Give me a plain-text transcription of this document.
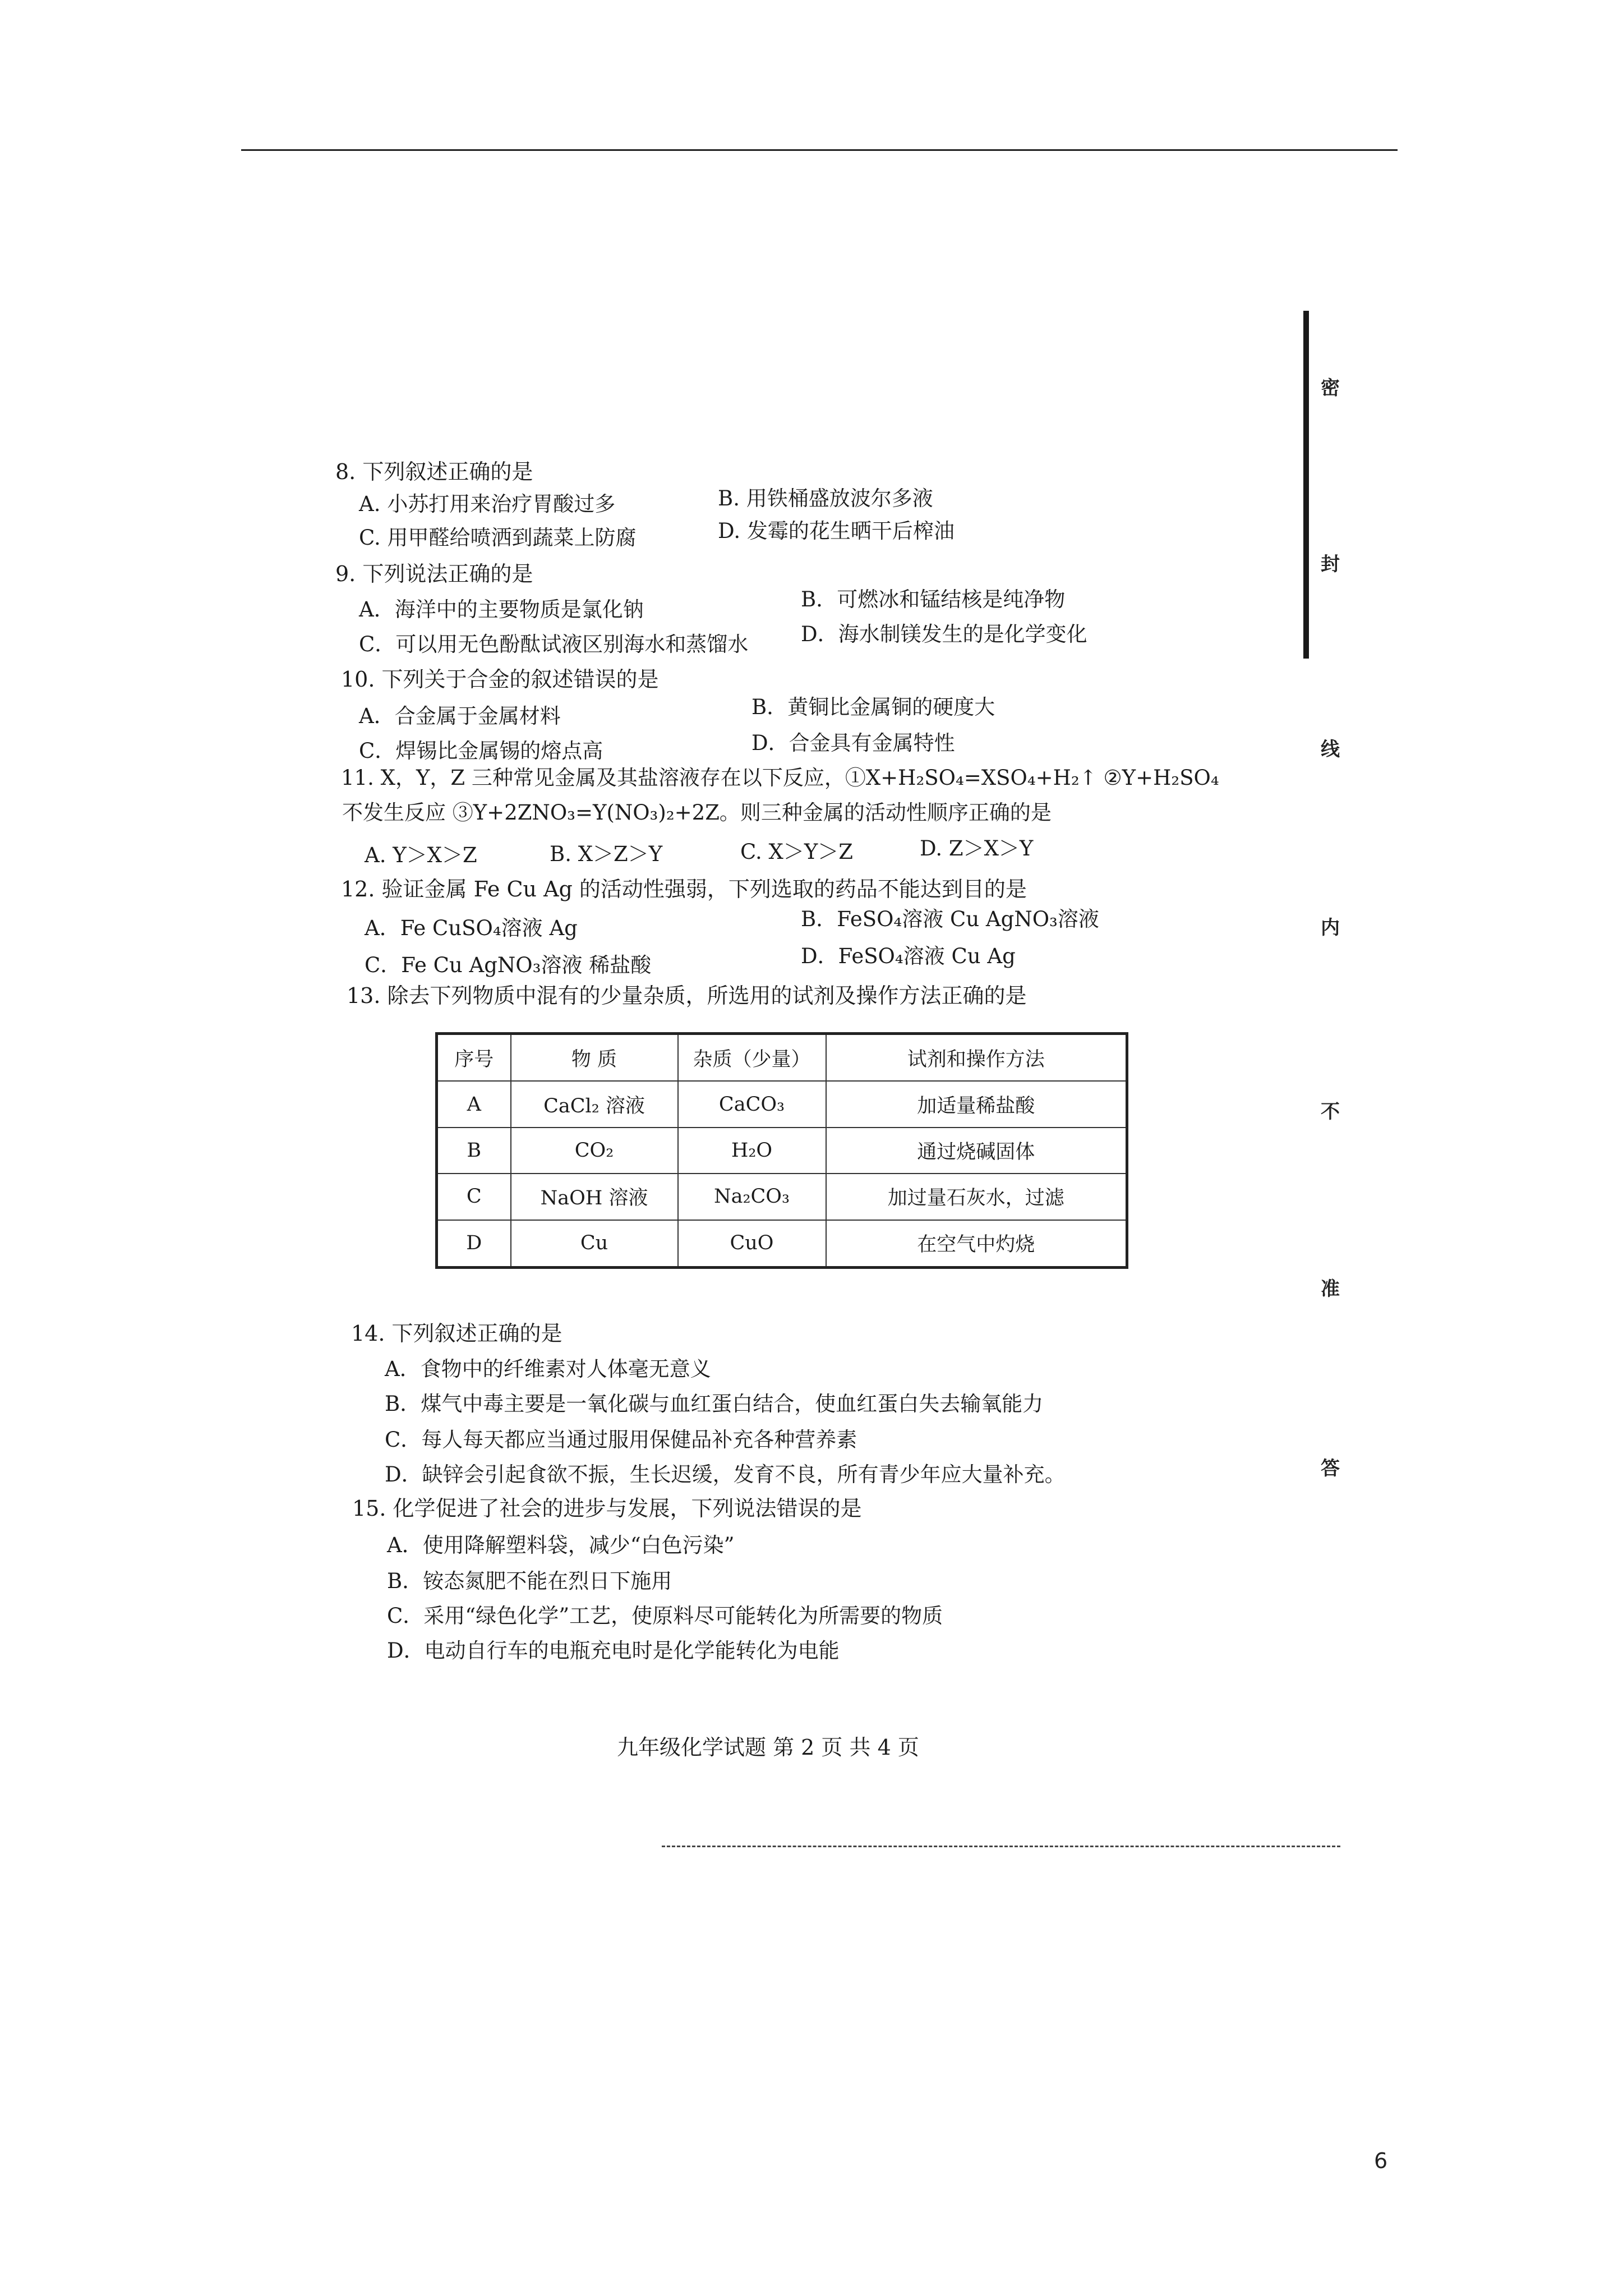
8. 下列叙述正确的是
A. 小苏打用来治疗胃酸过多	B. 用铁桶盛放波尔多液
C. 用甲醛给喷洒到蔬菜上防腐	D. 发霉的花生晒干后榨油
9. 下列说法正确的是
A．海洋中的主要物质是氯化钠	B．可燃冰和锰结核是纯净物
C．可以用无色酚酞试液区别海水和蒸馏水	D．海水制镁发生的是化学变化
10. 下列关于合金的叙述错误的是
A．合金属于金属材料	B．黄铜比金属铜的硬度大
C．焊锡比金属锡的熔点高	D．合金具有金属特性
11. X，Y，Z 三种常见金属及其盐溶液存在以下反应，①X+H₂SO₄=XSO₄+H₂↑ ②Y+H₂SO₄
不发生反应 ③Y+2ZNO₃=Y(NO₃)₂+2Z。则三种金属的活动性顺序正确的是
A. Y＞X＞Z	B. X＞Z＞Y	C. X＞Y＞Z	D. Z＞X＞Y
12. 验证金属 Fe Cu Ag 的活动性强弱，下列选取的药品不能达到目的是
A．Fe CuSO₄溶液 Ag	B．FeSO₄溶液 Cu AgNO₃溶液
C．Fe Cu AgNO₃溶液 稀盐酸	D．FeSO₄溶液 Cu Ag
13. 除去下列物质中混有的少量杂质，所选用的试剂及操作方法正确的是
序号	物 质	杂质（少量）	试剂和操作方法
A	CaCl₂ 溶液	CaCO₃	加适量稀盐酸
B	CO₂	H₂O	通过烧碱固体
C	NaOH 溶液	Na₂CO₃	加过量石灰水，过滤
D	Cu	CuO	在空气中灼烧
14. 下列叙述正确的是
A．食物中的纤维素对人体毫无意义
B．煤气中毒主要是一氧化碳与血红蛋白结合，使血红蛋白失去输氧能力
C．每人每天都应当通过服用保健品补充各种营养素
D．缺锌会引起食欲不振，生长迟缓，发育不良，所有青少年应大量补充。
15. 化学促进了社会的进步与发展，下列说法错误的是
A．使用降解塑料袋，减少“白色污染”
B．铵态氮肥不能在烈日下施用
C．采用“绿色化学”工艺，使原料尽可能转化为所需要的物质
D．电动自行车的电瓶充电时是化学能转化为电能
密
封
线
内
不
准
答
九年级化学试题 第 2 页 共 4 页
6
